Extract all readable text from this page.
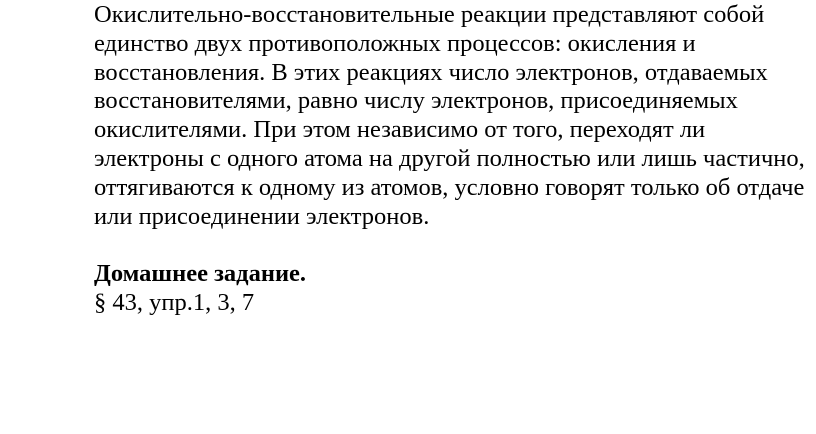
Окислительно-восстановительные реакции представляют собой
единство двух противоположных процессов: окисления и
восстановления. В этих реакциях число электронов, отдаваемых
восстановителями, равно числу электронов, присоединяемых
окислителями. При этом независимо от того, переходят ли
электроны с одного атома на другой полностью или лишь частично,
оттягиваются к одному из атомов, условно говорят только об отдаче
или присоединении электронов.
Домашнее задание.
§ 43, упр.1, 3, 7
